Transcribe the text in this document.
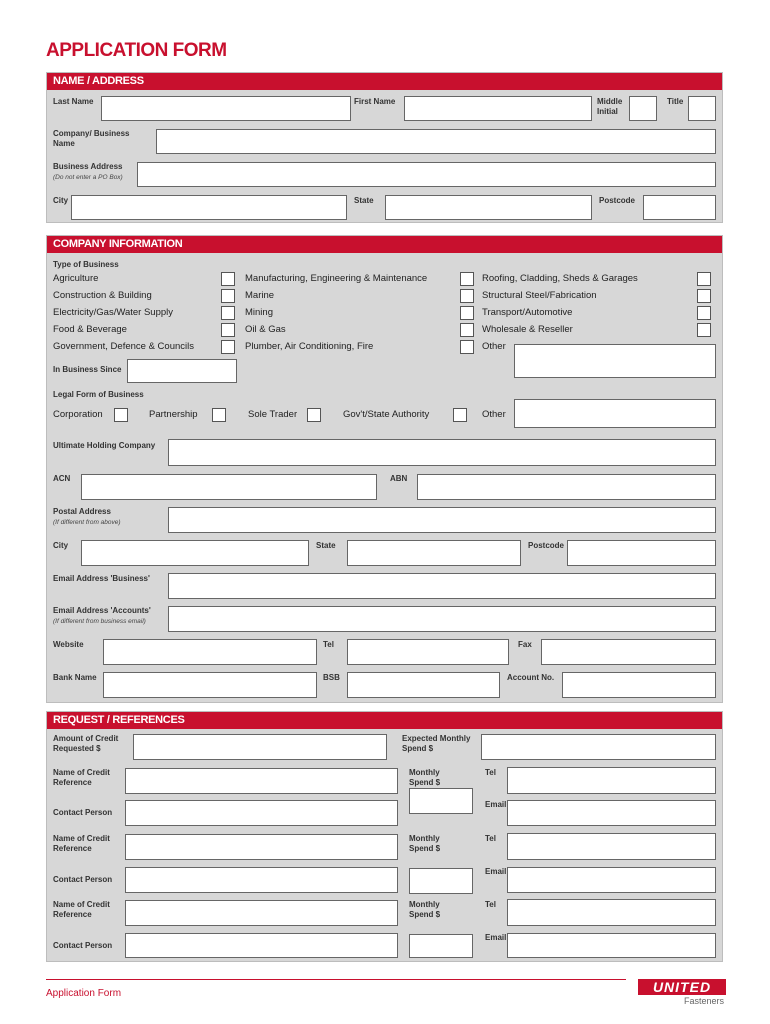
APPLICATION FORM
NAME / ADDRESS
Last Name	First Name	Middle
Initial
Title
Company/ Business
Name
Business Address
(Do not enter a PO Box)
City	State	Postcode
COMPANY INFORMATION
Type of Business
Agriculture
Construction & Building
Electricity/Gas/Water Supply
Food & Beverage
Government, Defence & Councils
Manufacturing, Engineering & Maintenance
Marine
Mining
Oil & Gas
Plumber, Air Conditioning, Fire
Roofing, Cladding, Sheds & Garages
Structural Steel/Fabrication
Transport/Automotive
Wholesale & Reseller
Other
In Business Since
Legal Form of Business
Corporation	Partnership	Sole Trader	Gov't/State Authority	Other
Ultimate Holding Company
ACN	ABN
Postal Address
(If different from above)
City	State	Postcode
Email Address 'Business'
Email Address 'Accounts'
(If different from business email)
Website	Tel	Fax
Bank Name	BSB	Account No.
REQUEST / REFERENCES
Amount of Credit
Requested $
Expected Monthly
Spend $
Name of Credit
Reference
Monthly
Spend $
Tel
Email
Contact Person
Name of Credit
Reference
Monthly
Spend $
Tel
Email
Contact Person
Name of Credit
Reference
Monthly
Spend $
Tel
Email
Contact Person
Application Form	UNITED
Fasteners
